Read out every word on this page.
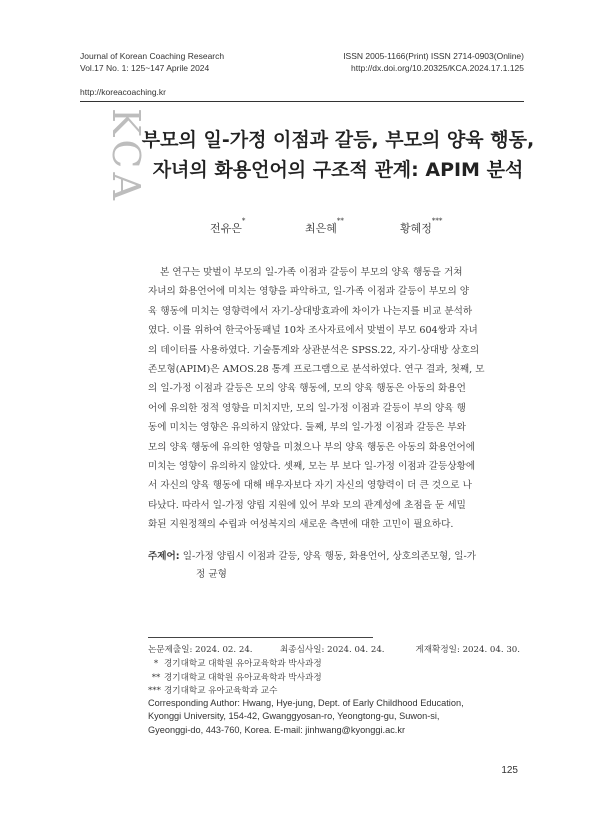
Journal of Korean Coaching Research
Vol.17 No. 1: 125~147 Aprile 2024
ISSN 2005-1166(Print) ISSN 2714-0903(Online)
http://dx.doi.org/10.20325/KCA.2024.17.1.125
http://koreacoaching.kr
KCA
부모의 일-가정 이점과 갈등, 부모의 양육 행동,
자녀의 화용언어의 구조적 관계: APIM 분석
전유은*
최은혜**
황혜정***
본 연구는 맞벌이 부모의 일-가족 이점과 갈등이 부모의 양육 행동을 거쳐
자녀의 화용언어에 미치는 영향을 파악하고, 일-가족 이점과 갈등이 부모의 양
육 행동에 미치는 영향력에서 자기-상대방효과에 차이가 나는지를 비교 분석하
였다. 이를 위하여 한국아동패널 10차 조사자료에서 맞벌이 부모 604쌍과 자녀
의 데이터를 사용하였다. 기술통계와 상관분석은 SPSS.22, 자기-상대방 상호의
존모형(APIM)은 AMOS.28 통계 프로그램으로 분석하였다. 연구 결과, 첫째, 모
의 일-가정 이점과 갈등은 모의 양육 행동에, 모의 양육 행동은 아동의 화용언
어에 유의한 정적 영향을 미치지만, 모의 일-가정 이점과 갈등이 부의 양육 행
동에 미치는 영향은 유의하지 않았다. 둘째, 부의 일-가정 이점과 갈등은 부와
모의 양육 행동에 유의한 영향을 미쳤으나 부의 양육 행동은 아동의 화용언어에
미치는 영향이 유의하지 않았다. 셋째, 모는 부 보다 일-가정 이점과 갈등상황에
서 자신의 양육 행동에 대해 배우자보다 자기 자신의 영향력이 더 큰 것으로 나
타났다. 따라서 일-가정 양립 지원에 있어 부와 모의 관계성에 초점을 둔 세밀
화된 지원정책의 수립과 여성복지의 새로운 측면에 대한 고민이 필요하다.
주제어: 일-가정 양립시 이점과 갈등, 양육 행동, 화용언어, 상호의존모형, 일-가
정 균형
논문제출일: 2024. 02. 24.	최종심사일: 2024. 04. 24.	게재확정일: 2024. 04. 30.
* 경기대학교 대학원 유아교육학과 박사과정
** 경기대학교 대학원 유아교육학과 박사과정
*** 경기대학교 유아교육학과 교수
Corresponding Author: Hwang, Hye-jung, Dept. of Early Childhood Education,
Kyonggi University, 154-42, Gwanggyosan-ro, Yeongtong-gu, Suwon-si,
Gyeonggi-do, 443-760, Korea. E-mail: jinhwang@kyonggi.ac.kr
125
